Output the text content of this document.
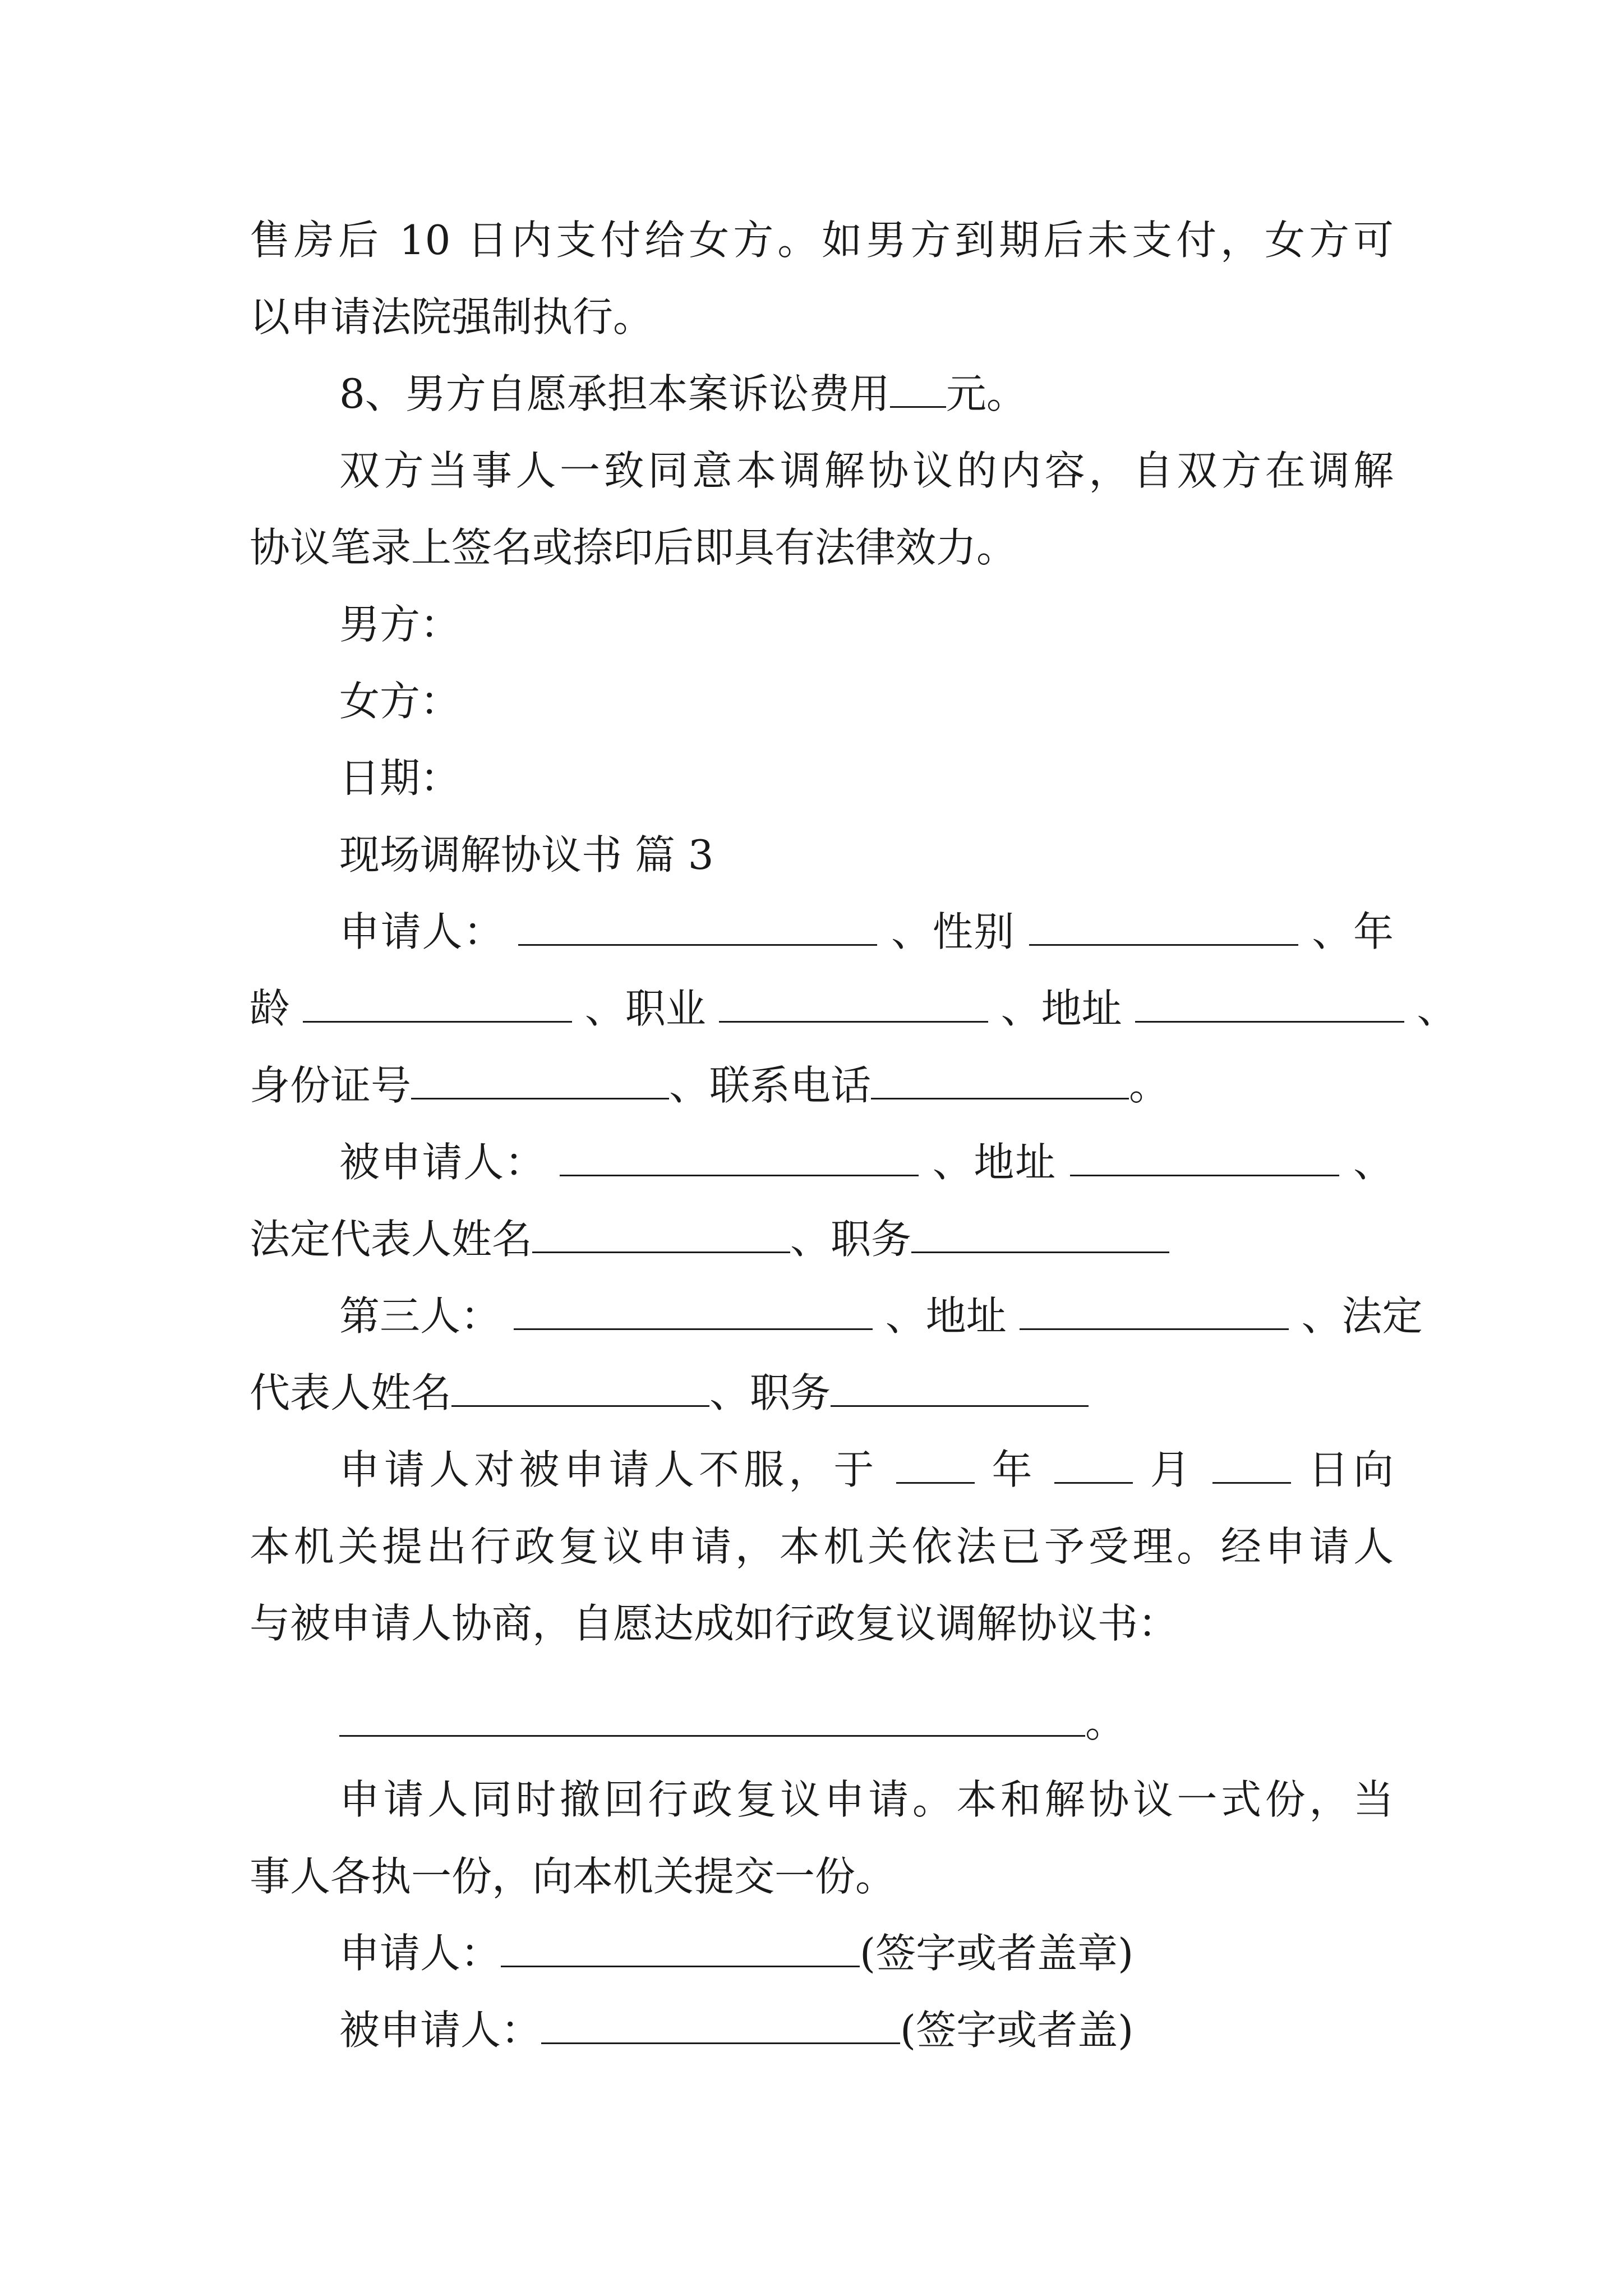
售房后 10 日内支付给女方。如男方到期后未支付，女方可
以申请法院强制执行。
8、男方自愿承担本案诉讼费用 元。
双方当事人一致同意本调解协议的内容，自双方在调解
协议笔录上签名或捺印后即具有法律效力。
男方：
女方：
日期：
现场调解协议书 篇 3
申请人：	、性别	、年
龄	、职业	、地址	、
身份证号	、联系电话	。
被申请人：	、地址	、
法定代表人姓名	、职务
第三人：	、地址	、法定
代表人姓名	、职务
申请人对被申请人不服，于	年	月	日向
本机关提出行政复议申请，本机关依法已予受理。经申请人
与被申请人协商，自愿达成如行政复议调解协议书：
。
申请人同时撤回行政复议申请。本和解协议一式份，当
事人各执一份，向本机关提交一份。
申请人：	(签字或者盖章)
被申请人：	(签字或者盖)
